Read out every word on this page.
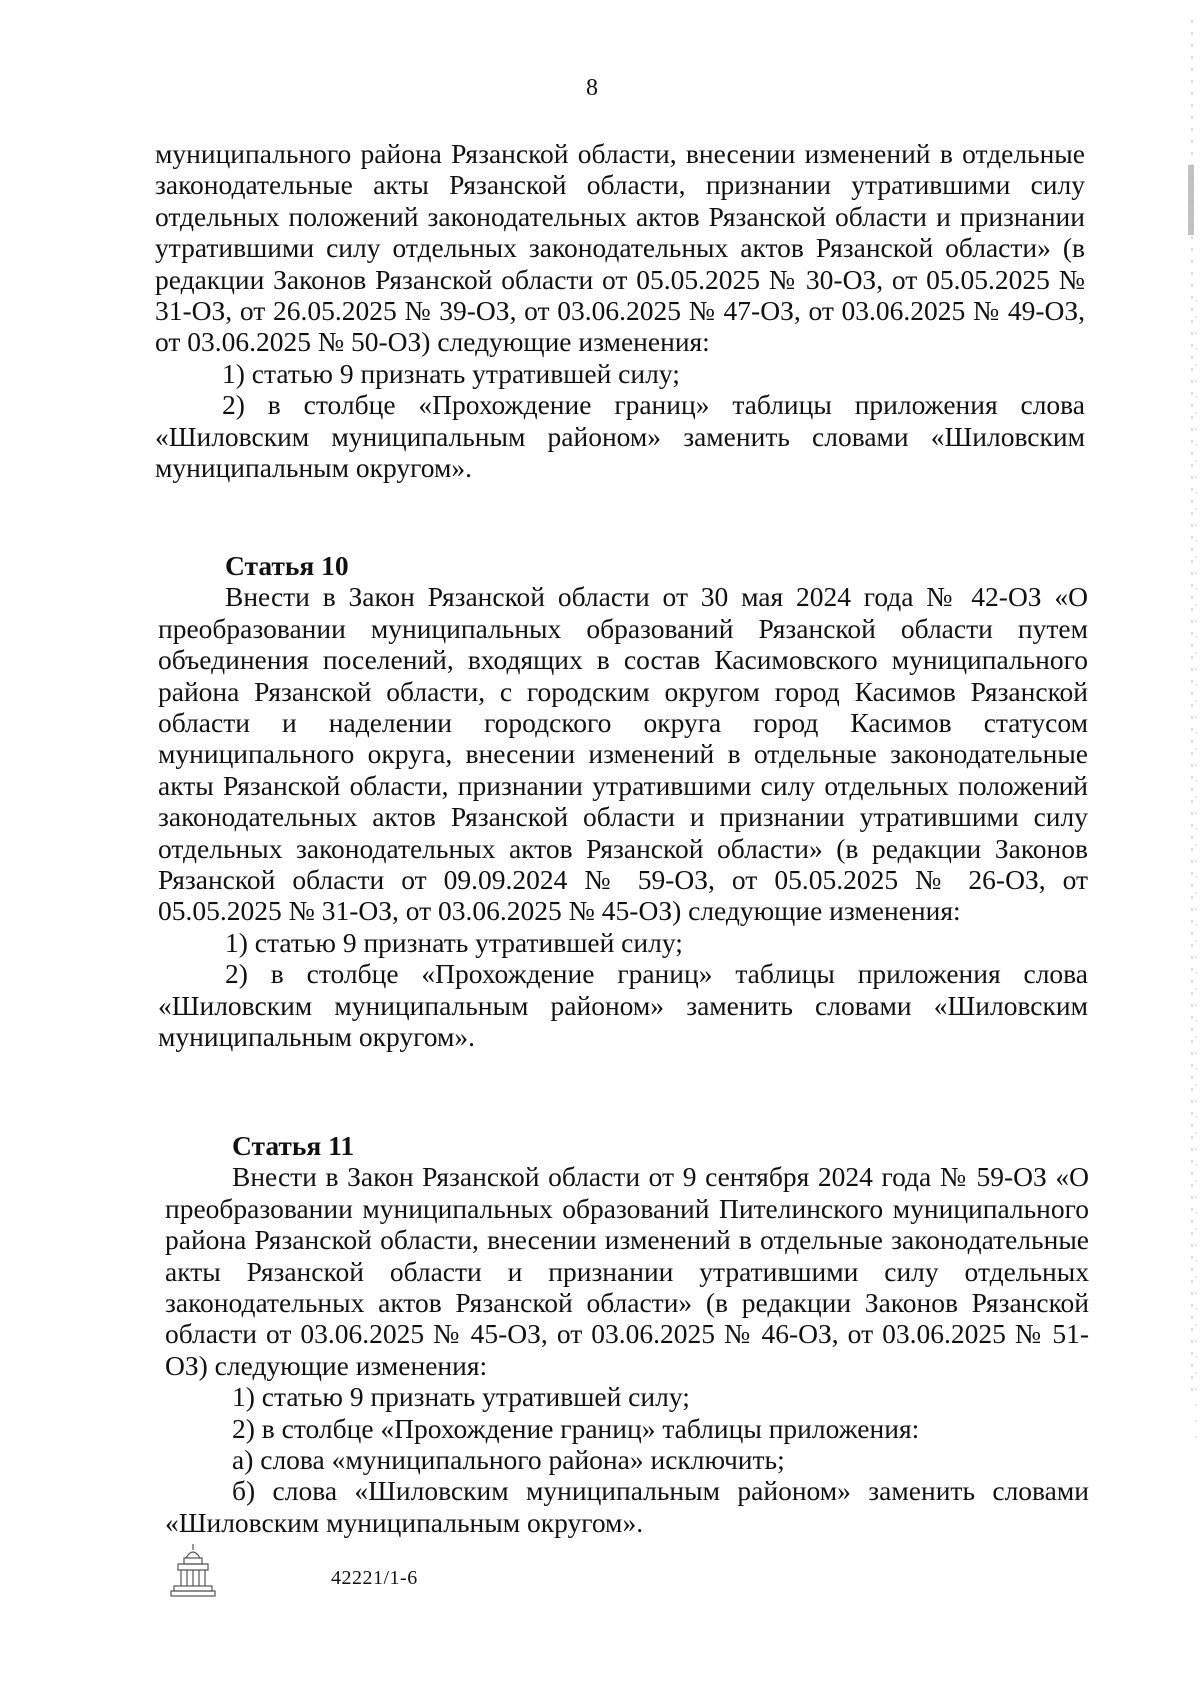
8

муниципального района Рязанской области, внесении изменений в отдельные законодательные акты Рязанской области, признании утратившими силу отдельных положений законодательных актов Рязанской области и признании утратившими силу отдельных законодательных актов Рязанской области» (в редакции Законов Рязанской области от 05.05.2025 № 30-ОЗ, от 05.05.2025 № 31-ОЗ, от 26.05.2025 № 39-ОЗ, от 03.06.2025 № 47-ОЗ, от 03.06.2025 № 49-ОЗ, от 03.06.2025 № 50-ОЗ) следующие изменения:

1) статью 9 признать утратившей силу;

2) в столбце «Прохождение границ» таблицы приложения слова «Шиловским муниципальным районом» заменить словами «Шиловским муниципальным округом».

Статья 10

Внести в Закон Рязанской области от 30 мая 2024 года № 42-ОЗ «О преобразовании муниципальных образований Рязанской области путем объединения поселений, входящих в состав Касимовского муниципального района Рязанской области, с городским округом город Касимов Рязанской области и наделении городского округа город Касимов статусом муниципального округа, внесении изменений в отдельные законодательные акты Рязанской области, признании утратившими силу отдельных положений законодательных актов Рязанской области и признании утратившими силу отдельных законодательных актов Рязанской области» (в редакции Законов Рязанской области от 09.09.2024 № 59-ОЗ, от 05.05.2025 № 26-ОЗ, от 05.05.2025 № 31-ОЗ, от 03.06.2025 № 45-ОЗ) следующие изменения:

1) статью 9 признать утратившей силу;

2) в столбце «Прохождение границ» таблицы приложения слова «Шиловским муниципальным районом» заменить словами «Шиловским муниципальным округом».

Статья 11

Внести в Закон Рязанской области от 9 сентября 2024 года № 59-ОЗ «О преобразовании муниципальных образований Пителинского муниципального района Рязанской области, внесении изменений в отдельные законодательные акты Рязанской области и признании утратившими силу отдельных законодательных актов Рязанской области» (в редакции Законов Рязанской области от 03.06.2025 № 45-ОЗ, от 03.06.2025 № 46-ОЗ, от 03.06.2025 № 51-ОЗ) следующие изменения:

1) статью 9 признать утратившей силу;

2) в столбце «Прохождение границ» таблицы приложения:

а) слова «муниципального района» исключить;

б) слова «Шиловским муниципальным районом» заменить словами «Шиловским муниципальным округом».

42221/1-6
